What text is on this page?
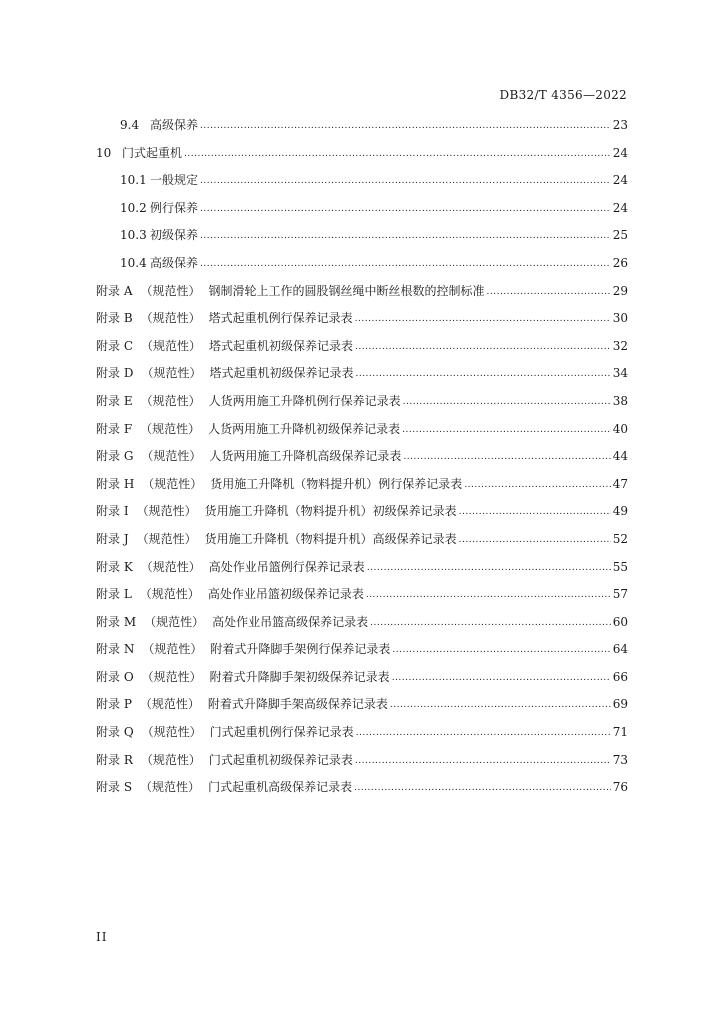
DB32/T 4356—2022
9.4 高级保养 .....	23
10 门式起重机 .....	24
10.1 一般规定 .....	24
10.2 例行保养 .....	24
10.3 初级保养 .....	25
10.4 高级保养 .....	26
附录 A （规范性） 钢制滑轮上工作的圆股钢丝绳中断丝根数的控制标准 .....	29
附录 B （规范性） 塔式起重机例行保养记录表 .....	30
附录 C （规范性） 塔式起重机初级保养记录表 .....	32
附录 D （规范性） 塔式起重机初级保养记录表 .....	34
附录 E （规范性） 人货两用施工升降机例行保养记录表 .....	38
附录 F （规范性） 人货两用施工升降机初级保养记录表 .....	40
附录 G （规范性） 人货两用施工升降机高级保养记录表 .....	44
附录 H （规范性） 货用施工升降机（物料提升机）例行保养记录表 .....	47
附录 I （规范性） 货用施工升降机（物料提升机）初级保养记录表 .....	49
附录 J （规范性） 货用施工升降机（物料提升机）高级保养记录表 .....	52
附录 K （规范性） 高处作业吊篮例行保养记录表 .....	55
附录 L （规范性） 高处作业吊篮初级保养记录表 .....	57
附录 M （规范性） 高处作业吊篮高级保养记录表 .....	60
附录 N （规范性） 附着式升降脚手架例行保养记录表 .....	64
附录 O （规范性） 附着式升降脚手架初级保养记录表 .....	66
附录 P （规范性） 附着式升降脚手架高级保养记录表 .....	69
附录 Q （规范性） 门式起重机例行保养记录表 .....	71
附录 R （规范性） 门式起重机初级保养记录表 .....	73
附录 S （规范性） 门式起重机高级保养记录表 .....	76
II
